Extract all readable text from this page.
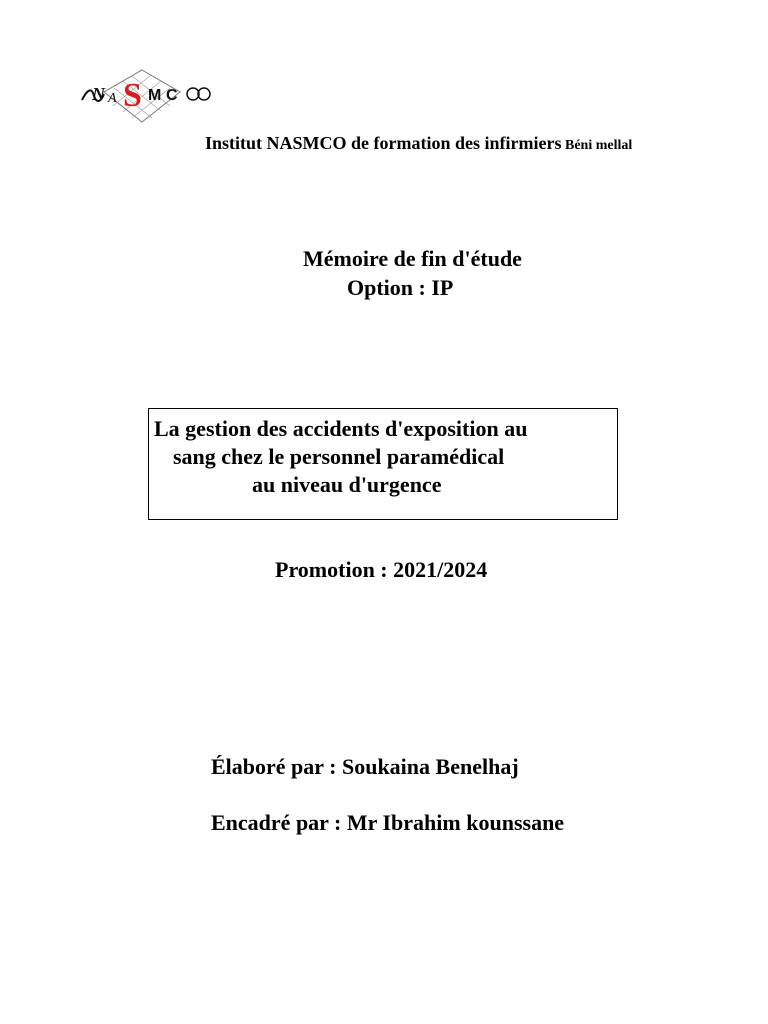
N A S M C
Institut NASMCO de formation des infirmiers Béni mellal
Mémoire de fin d'étude
Option : IP
La gestion des accidents d'exposition au
sang chez le personnel paramédical
au niveau d'urgence
Promotion : 2021/2024
Élaboré par : Soukaina Benelhaj
Encadré par : Mr Ibrahim kounssane
